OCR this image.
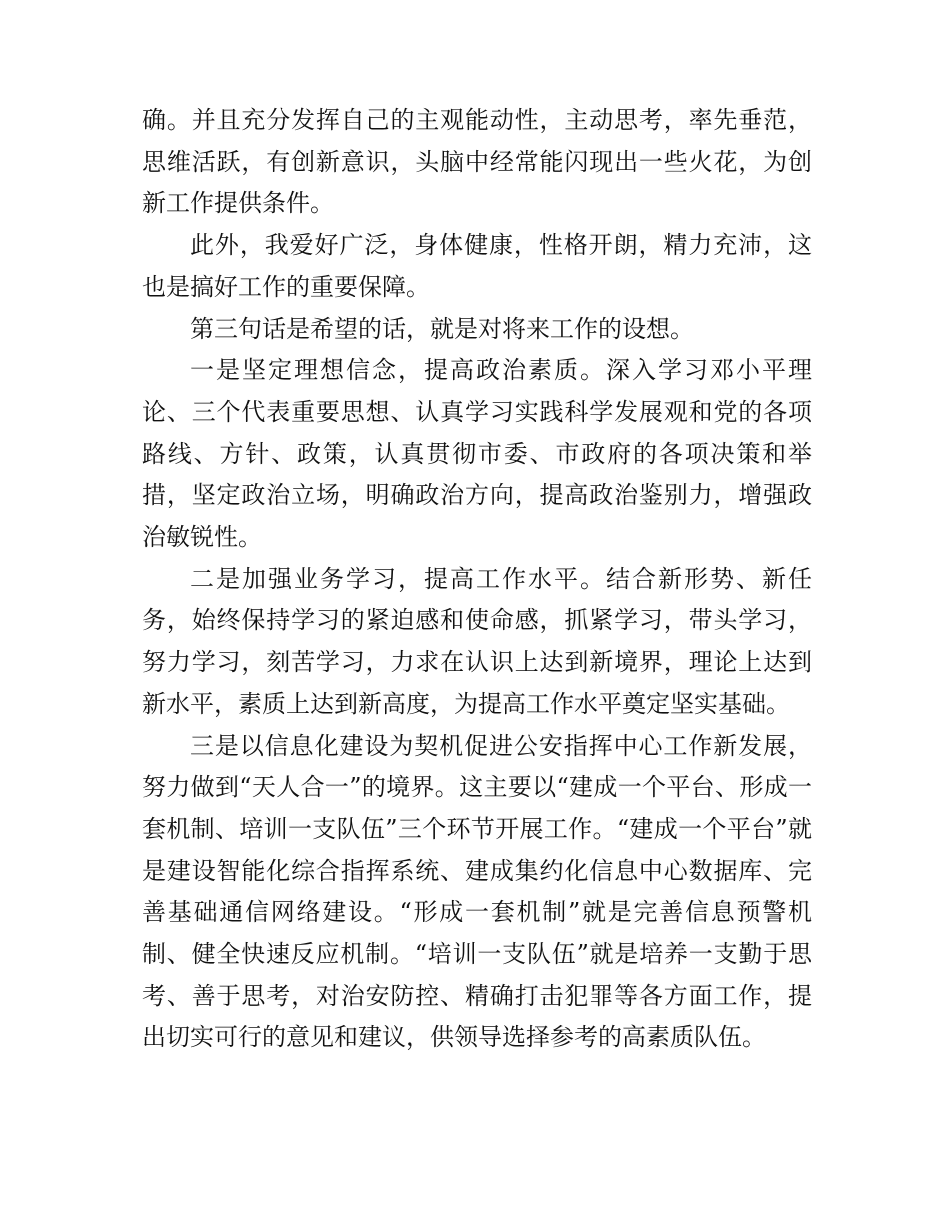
确。并且充分发挥自己的主观能动性，主动思考，率先垂范，思维活跃，有创新意识，头脑中经常能闪现出一些火花，为创新工作提供条件。

此外，我爱好广泛，身体健康，性格开朗，精力充沛，这也是搞好工作的重要保障。

第三句话是希望的话，就是对将来工作的设想。

一是坚定理想信念，提高政治素质。深入学习邓小平理论、三个代表重要思想、认真学习实践科学发展观和党的各项路线、方针、政策，认真贯彻市委、市政府的各项决策和举措，坚定政治立场，明确政治方向，提高政治鉴别力，增强政治敏锐性。

二是加强业务学习，提高工作水平。结合新形势、新任务，始终保持学习的紧迫感和使命感，抓紧学习，带头学习，努力学习，刻苦学习，力求在认识上达到新境界，理论上达到新水平，素质上达到新高度，为提高工作水平奠定坚实基础。

三是以信息化建设为契机促进公安指挥中心工作新发展，努力做到“天人合一”的境界。这主要以“建成一个平台、形成一套机制、培训一支队伍”三个环节开展工作。“建成一个平台”就是建设智能化综合指挥系统、建成集约化信息中心数据库、完善基础通信网络建设。“形成一套机制”就是完善信息预警机制、健全快速反应机制。“培训一支队伍”就是培养一支勤于思考、善于思考，对治安防控、精确打击犯罪等各方面工作，提出切实可行的意见和建议，供领导选择参考的高素质队伍。
